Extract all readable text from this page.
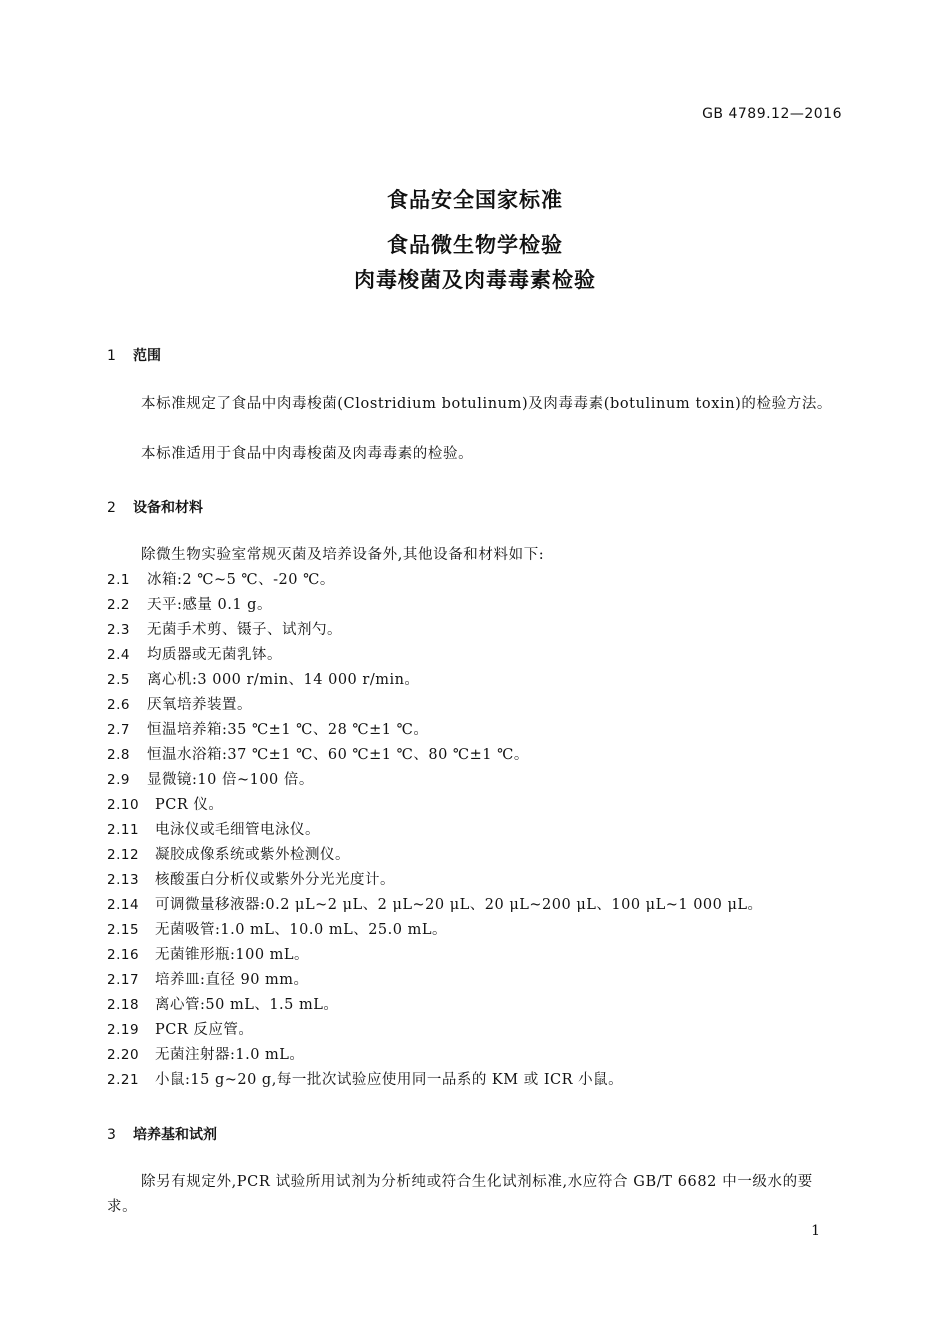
GB 4789.12—2016
食品安全国家标准
食品微生物学检验
肉毒梭菌及肉毒毒素检验
1 范围
本标准规定了食品中肉毒梭菌(Clostridium botulinum)及肉毒毒素(botulinum toxin)的检验方法。
本标准适用于食品中肉毒梭菌及肉毒毒素的检验。
2 设备和材料
除微生物实验室常规灭菌及培养设备外,其他设备和材料如下:
2.1 冰箱:2 ℃~5 ℃、-20 ℃。
2.2 天平:感量 0.1 g。
2.3 无菌手术剪、镊子、试剂勺。
2.4 均质器或无菌乳钵。
2.5 离心机:3 000 r/min、14 000 r/min。
2.6 厌氧培养装置。
2.7 恒温培养箱:35 ℃±1 ℃、28 ℃±1 ℃。
2.8 恒温水浴箱:37 ℃±1 ℃、60 ℃±1 ℃、80 ℃±1 ℃。
2.9 显微镜:10 倍~100 倍。
2.10 PCR 仪。
2.11 电泳仪或毛细管电泳仪。
2.12 凝胶成像系统或紫外检测仪。
2.13 核酸蛋白分析仪或紫外分光光度计。
2.14 可调微量移液器:0.2 μL~2 μL、2 μL~20 μL、20 μL~200 μL、100 μL~1 000 μL。
2.15 无菌吸管:1.0 mL、10.0 mL、25.0 mL。
2.16 无菌锥形瓶:100 mL。
2.17 培养皿:直径 90 mm。
2.18 离心管:50 mL、1.5 mL。
2.19 PCR 反应管。
2.20 无菌注射器:1.0 mL。
2.21 小鼠:15 g~20 g,每一批次试验应使用同一品系的 KM 或 ICR 小鼠。
3 培养基和试剂
除另有规定外,PCR 试验所用试剂为分析纯或符合生化试剂标准,水应符合 GB/T 6682 中一级水的要求。
1
